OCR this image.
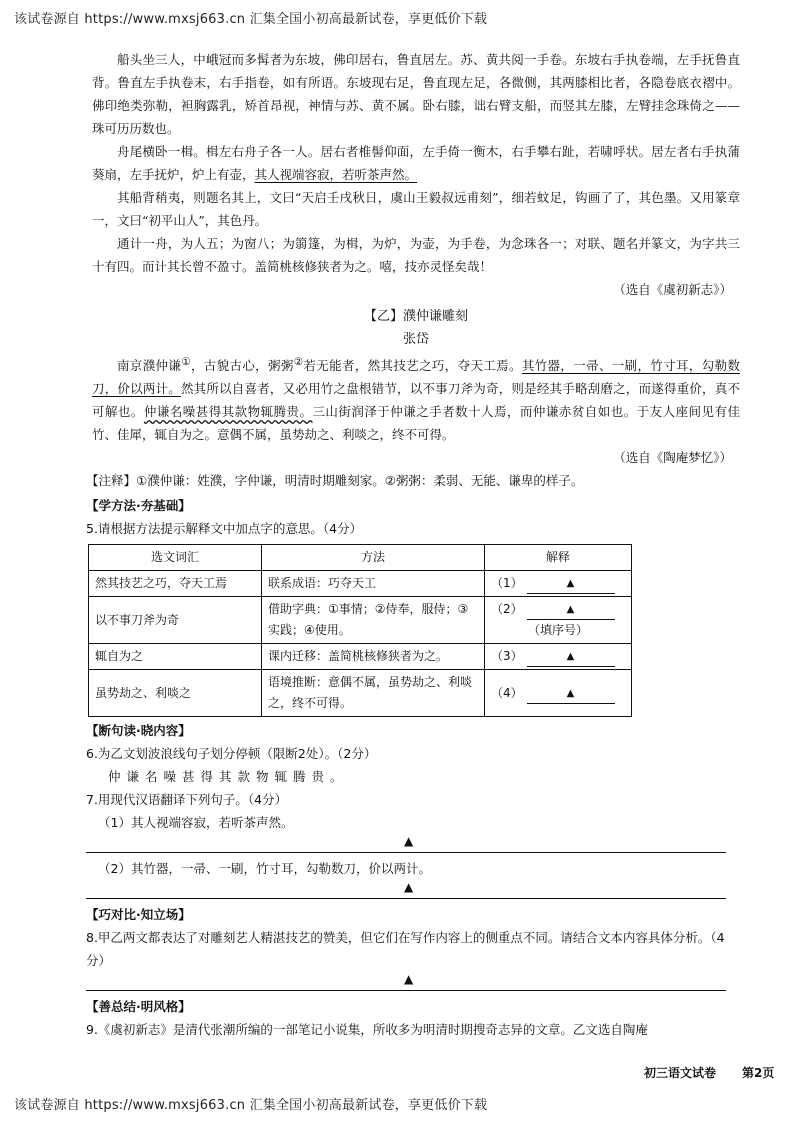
该试卷源自 https://www.mxsj663.cn 汇集全国小初高最新试卷，享更低价下载

船头坐三人，中峨冠而多髯者为东坡，佛印居右，鲁直居左。苏、黄共阅一手卷。东坡右手执卷端，左手抚鲁直背。鲁直左手执卷末，右手指卷，如有所语。东坡现右足，鲁直现左足，各微侧，其两膝相比者，各隐卷底衣褶中。佛印绝类弥勒，袒胸露乳，矫首昂视，神情与苏、黄不属。卧右膝，诎右臂支船，而竖其左膝，左臂挂念珠倚之——珠可历历数也。

舟尾横卧一楫。楫左右舟子各一人。居右者椎髻仰面，左手倚一衡木，右手攀右趾，若啸呼状。居左者右手执蒲葵扇，左手抚炉，炉上有壶，其人视端容寂，若听茶声然。

其船背稍夷，则题名其上，文曰“天启壬戌秋日，虞山王毅叔远甫刻”，细若蚊足，钩画了了，其色墨。又用篆章一，文曰“初平山人”，其色丹。

通计一舟，为人五；为窗八；为篛篷，为楫，为炉，为壶，为手卷，为念珠各一；对联、题名并篆文，为字共三十有四。而计其长曾不盈寸。盖简桃核修狭者为之。嘻，技亦灵怪矣哉！

（选自《虞初新志》）

【乙】濮仲谦雕刻
张岱

南京濮仲谦①，古貌古心，粥粥②若无能者，然其技艺之巧，夺天工焉。其竹器，一帚、一刷，竹寸耳，勾勒数刀，价以两计。然其所以自喜者，又必用竹之盘根错节，以不事刀斧为奇，则是经其手略刮磨之，而遂得重价，真不可解也。仲谦名噪甚得其款物辄腾贵。三山街润泽于仲谦之手者数十人焉，而仲谦赤贫自如也。于友人座间见有佳竹、佳犀，辄自为之。意偶不属，虽势劫之、利啖之，终不可得。

（选自《陶庵梦忆》）

【注释】①濮仲谦：姓濮，字仲谦，明清时期雕刻家。②粥粥：柔弱、无能、谦卑的样子。

【学方法·夯基础】
5.请根据方法提示解释文中加点字的意思。（4分）
选文词汇	方法	解释
然其技艺之巧，夺天工焉	联系成语：巧夺天工	（1） ▲

以不事刀斧为奇	借助字典：①事情；②侍奉，服侍；③实践；④使用。	（2） ▲
（填序号）

辄自为之	课内迁移：盖简桃核修狭者为之。	（3） ▲

虽势劫之、利啖之	语境推断：意偶不属，虽势劫之、利啖之，终不可得。	（4） ▲
【断句读·晓内容】
6.为乙文划波浪线句子划分停顿（限断2处）。（2分）
仲谦名噪甚得其款物辄腾贵。
7.用现代汉语翻译下列句子。（4分）
（1）其人视端容寂，若听茶声然。
▲
（2）其竹器，一帚、一刷，竹寸耳，勾勒数刀，价以两计。
▲
【巧对比·知立场】
8.甲乙两文都表达了对雕刻艺人精湛技艺的赞美，但它们在写作内容上的侧重点不同。请结合文本内容具体分析。（4分）
▲
【善总结·明风格】
9.《虞初新志》是清代张潮所编的一部笔记小说集，所收多为明清时期搜奇志异的文章。乙文选自陶庵
初三语文试卷 第2页
该试卷源自 https://www.mxsj663.cn 汇集全国小初高最新试卷，享更低价下载
